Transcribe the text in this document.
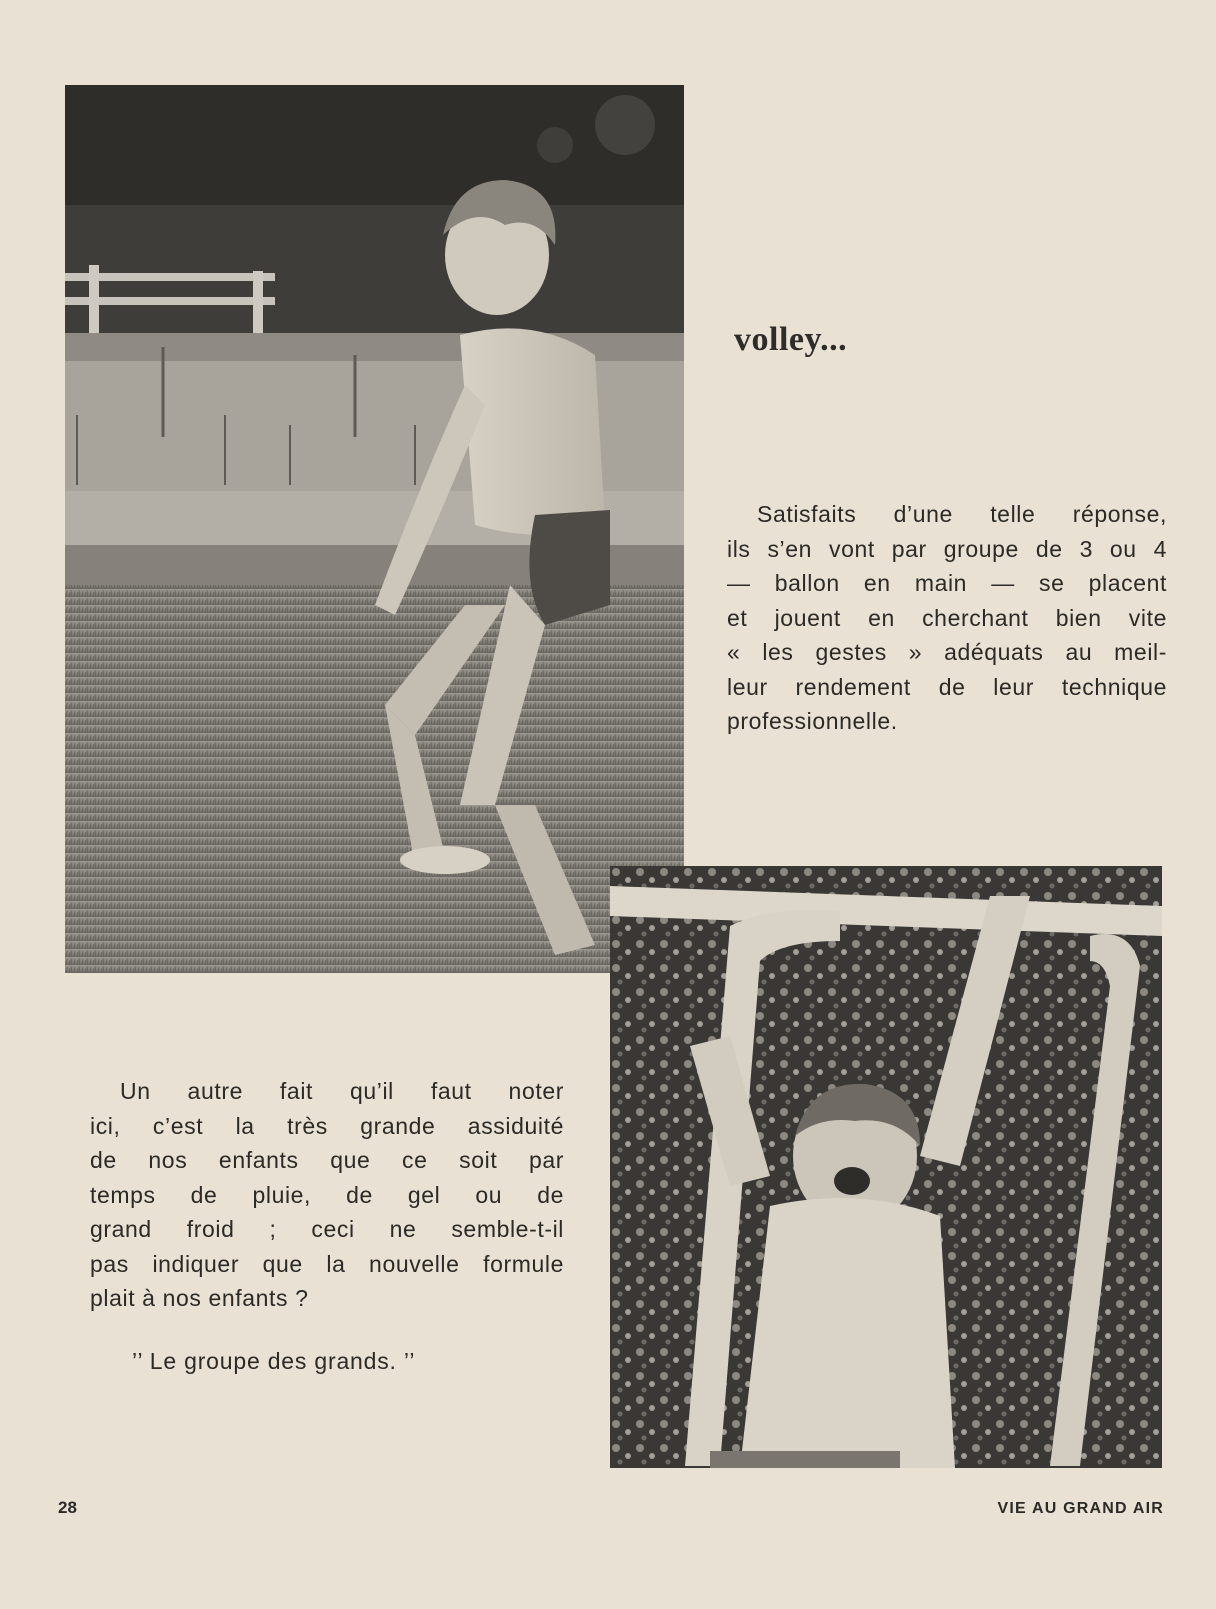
volley...

Satisfaits d’une telle réponse,
ils s’en vont par groupe de 3 ou 4
— ballon en main — se placent
et jouent en cherchant bien vite
« les gestes » adéquats au meil-
leur rendement de leur technique
professionnelle.

Un autre fait qu’il faut noter
ici, c’est la très grande assiduité
de nos enfants que ce soit par
temps de pluie, de gel ou de
grand froid ; ceci ne semble-t-il
pas indiquer que la nouvelle formule
plait à nos enfants ?

’’ Le groupe des grands. ’’
28	VIE AU GRAND AIR
